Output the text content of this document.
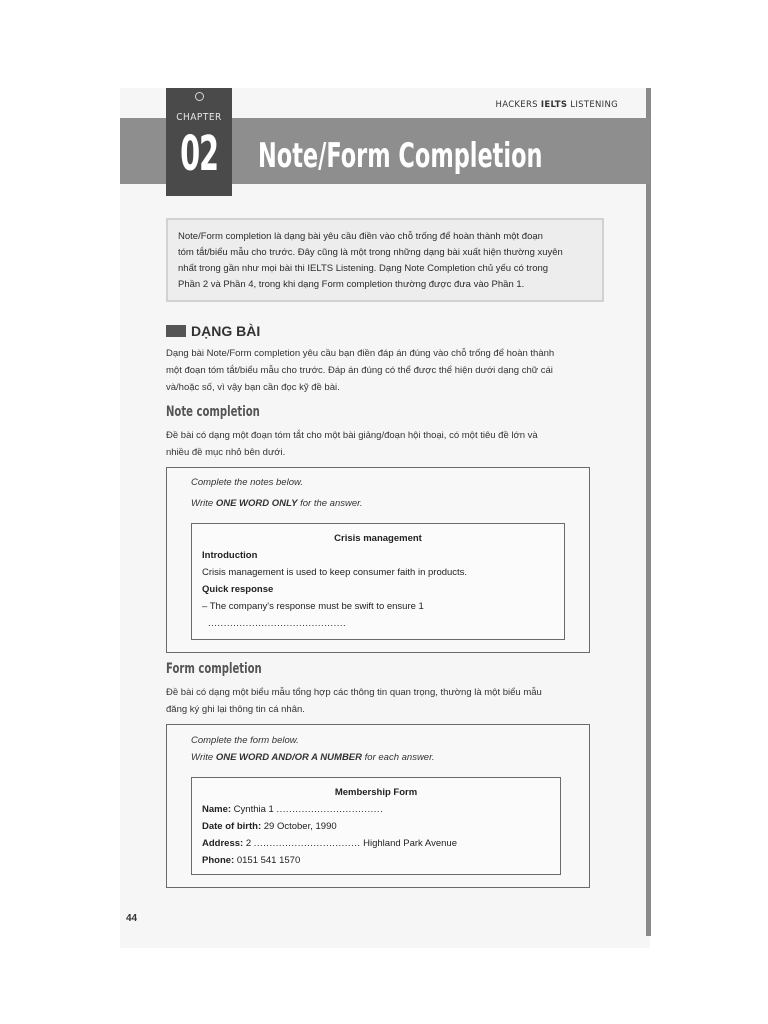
HACKERS IELTS LISTENING
CHAPTER
02 Note/Form Completion
Note/Form completion là dạng bài yêu cầu điền vào chỗ trống để hoàn thành một đoạn
tóm tắt/biểu mẫu cho trước. Đây cũng là một trong những dạng bài xuất hiện thường xuyên
nhất trong gần như mọi bài thi IELTS Listening. Dạng Note Completion chủ yếu có trong
Phần 2 và Phần 4, trong khi dạng Form completion thường được đưa vào Phần 1.
DẠNG BÀI
Dạng bài Note/Form completion yêu cầu bạn điền đáp án đúng vào chỗ trống để hoàn thành
một đoạn tóm tắt/biểu mẫu cho trước. Đáp án đúng có thể được thể hiện dưới dạng chữ cái
và/hoặc số, vì vậy bạn cần đọc kỹ đề bài.
Note completion
Đề bài có dạng một đoạn tóm tắt cho một bài giảng/đoạn hội thoại, có một tiêu đề lớn và
nhiều đề mục nhỏ bên dưới.
Complete the notes below.
Write ONE WORD ONLY for the answer.
Crisis management
Introduction
Crisis management is used to keep consumer faith in products.
Quick response
– The company's response must be swift to ensure 1
............................................
Form completion
Đề bài có dạng một biểu mẫu tổng hợp các thông tin quan trọng, thường là một biểu mẫu
đăng ký ghi lại thông tin cá nhân.
Complete the form below.
Write ONE WORD AND/OR A NUMBER for each answer.
Membership Form
Name: Cynthia 1 ..................................
Date of birth: 29 October, 1990
Address: 2 .................................. Highland Park Avenue
Phone: 0151 541 1570
44
